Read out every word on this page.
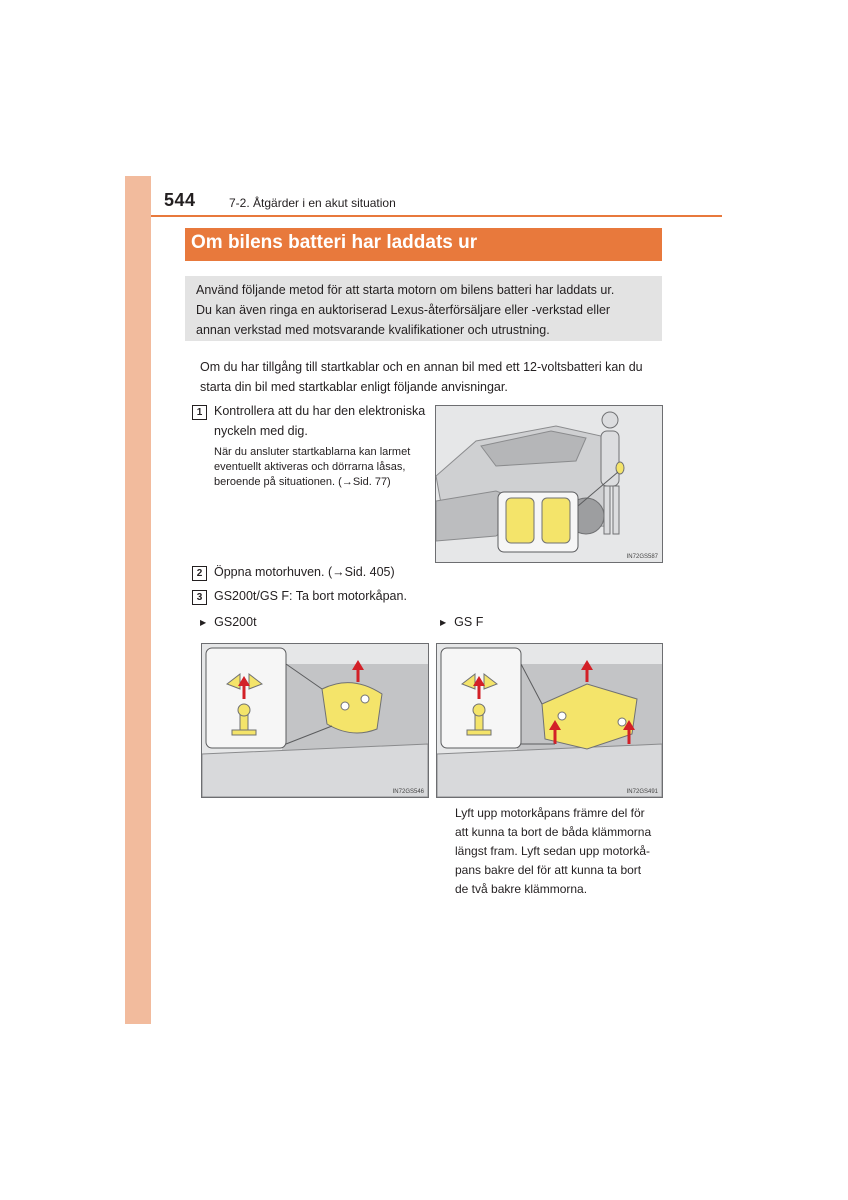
544	7-2. Åtgärder i en akut situation
Om bilens batteri har laddats ur
Använd följande metod för att starta motorn om bilens batteri har laddats ur.
Du kan även ringa en auktoriserad Lexus-återförsäljare eller -verkstad eller
annan verkstad med motsvarande kvalifikationer och utrustning.
Om du har tillgång till startkablar och en annan bil med ett 12-voltsbatteri kan du
starta din bil med startkablar enligt följande anvisningar.
1 Kontrollera att du har den elektroniska
nyckeln med dig.
När du ansluter startkablarna kan larmet
eventuellt aktiveras och dörrarna låsas,
beroende på situationen. (→Sid. 77)
IN72GS587
2 Öppna motorhuven. (→Sid. 405)
3 GS200t/GS F: Ta bort motorkåpan.
▶ GS200t	▶ GS F
IN72GS546	IN72GS491
Lyft upp motorkåpans främre del för
att kunna ta bort de båda klämmorna
längst fram. Lyft sedan upp motorkå-
pans bakre del för att kunna ta bort
de två bakre klämmorna.
